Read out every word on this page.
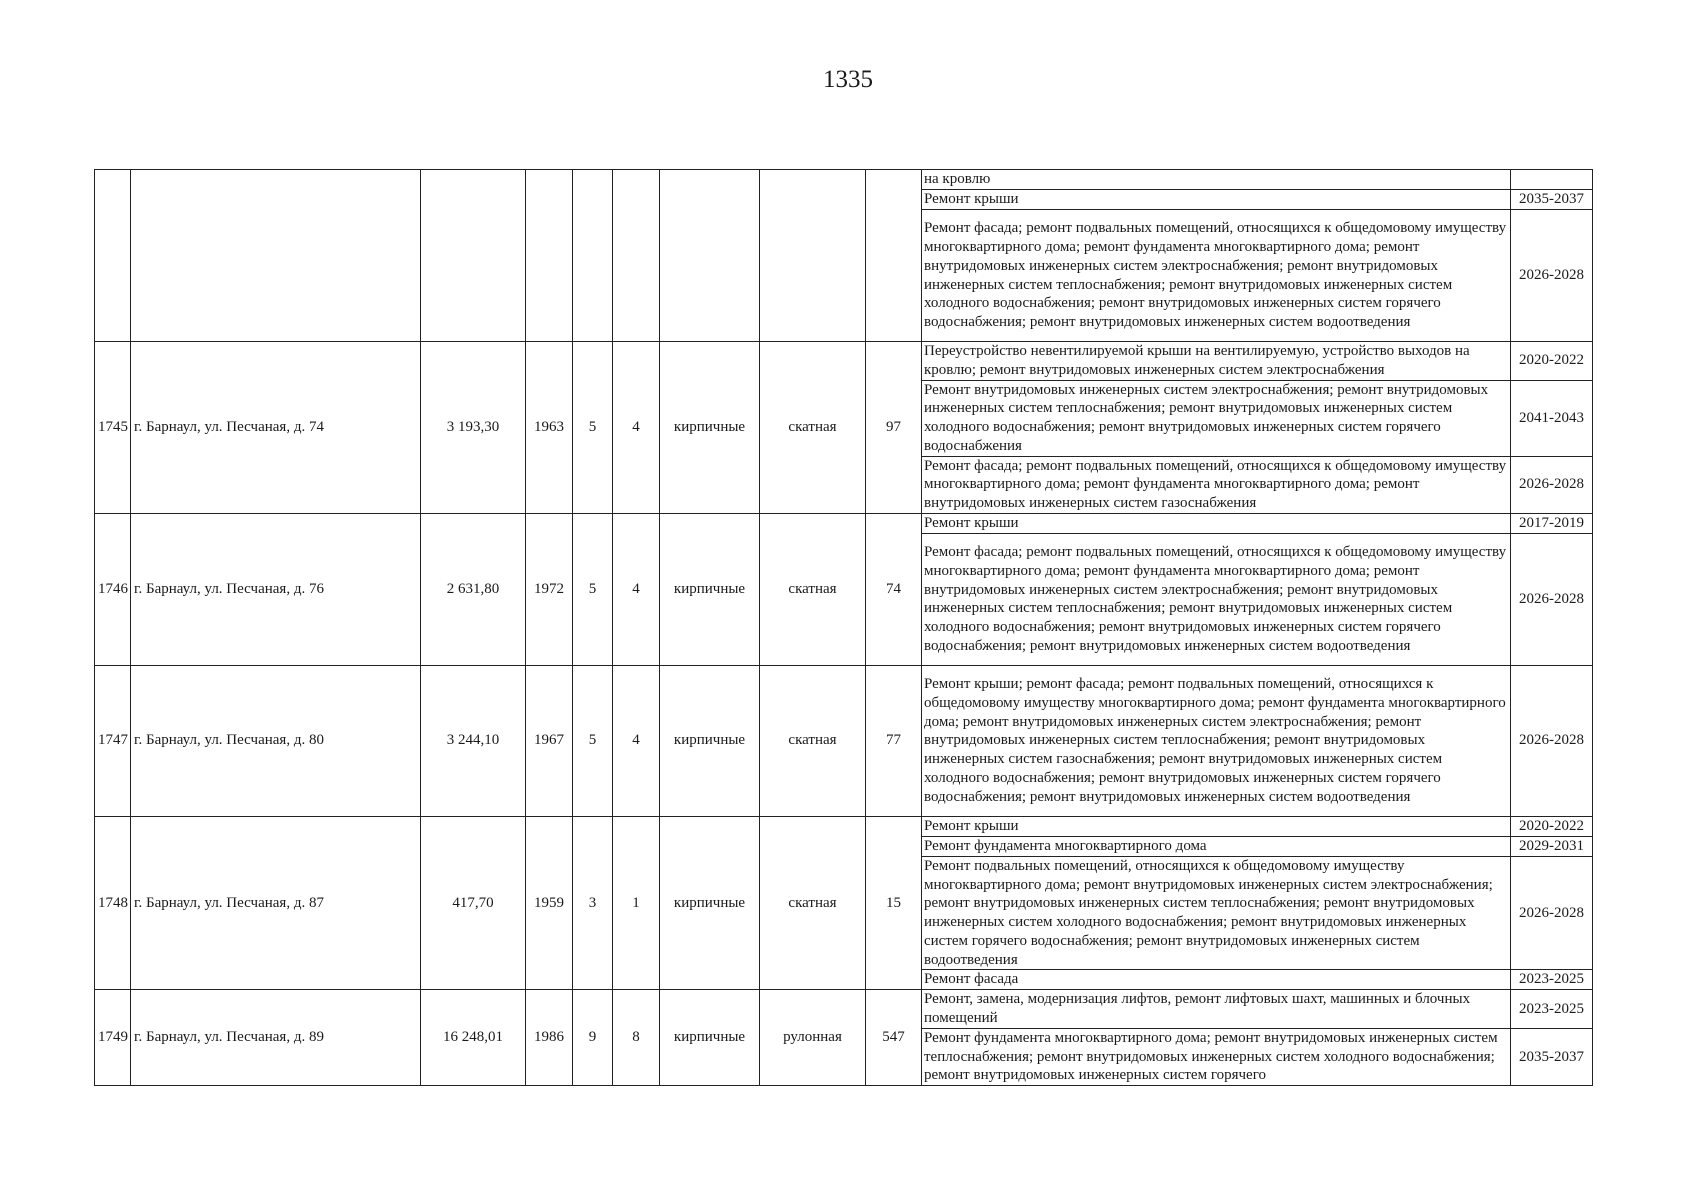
1335
									на кровлю	
									Ремонт крыши	2035-2037
									Ремонт фасада; ремонт подвальных помещений, относящихся к общедомовому имуществу многоквартирного дома; ремонт фундамента многоквартирного дома; ремонт внутридомовых инженерных систем электроснабжения; ремонт внутридомовых инженерных систем теплоснабжения; ремонт внутридомовых инженерных систем холодного водоснабжения; ремонт внутридомовых инженерных систем горячего водоснабжения; ремонт внутридомовых инженерных систем водоотведения	2026-2028
1745	г. Барнаул, ул. Песчаная, д. 74	3 193,30	1963	5	4	кирпичные	скатная	97	Переустройство невентилируемой крыши на вентилируемую, устройство выходов на кровлю; ремонт внутридомовых инженерных систем электроснабжения	2020-2022
									Ремонт внутридомовых инженерных систем электроснабжения; ремонт внутридомовых инженерных систем теплоснабжения; ремонт внутридомовых инженерных систем холодного водоснабжения; ремонт внутридомовых инженерных систем горячего водоснабжения	2041-2043
									Ремонт фасада; ремонт подвальных помещений, относящихся к общедомовому имуществу многоквартирного дома; ремонт фундамента многоквартирного дома; ремонт внутридомовых инженерных систем газоснабжения	2026-2028
1746	г. Барнаул, ул. Песчаная, д. 76	2 631,80	1972	5	4	кирпичные	скатная	74	Ремонт крыши	2017-2019
									Ремонт фасада; ремонт подвальных помещений, относящихся к общедомовому имуществу многоквартирного дома; ремонт фундамента многоквартирного дома; ремонт внутридомовых инженерных систем электроснабжения; ремонт внутридомовых инженерных систем теплоснабжения; ремонт внутридомовых инженерных систем холодного водоснабжения; ремонт внутридомовых инженерных систем горячего водоснабжения; ремонт внутридомовых инженерных систем водоотведения	2026-2028
1747	г. Барнаул, ул. Песчаная, д. 80	3 244,10	1967	5	4	кирпичные	скатная	77	Ремонт крыши; ремонт фасада; ремонт подвальных помещений, относящихся к общедомовому имуществу многоквартирного дома; ремонт фундамента многоквартирного дома; ремонт внутридомовых инженерных систем электроснабжения; ремонт внутридомовых инженерных систем теплоснабжения; ремонт внутридомовых инженерных систем газоснабжения; ремонт внутридомовых инженерных систем холодного водоснабжения; ремонт внутридомовых инженерных систем горячего водоснабжения; ремонт внутридомовых инженерных систем водоотведения	2026-2028
1748	г. Барнаул, ул. Песчаная, д. 87	417,70	1959	3	1	кирпичные	скатная	15	Ремонт крыши	2020-2022
									Ремонт фундамента многоквартирного дома	2029-2031
									Ремонт подвальных помещений, относящихся к общедомовому имуществу многоквартирного дома; ремонт внутридомовых инженерных систем электроснабжения; ремонт внутридомовых инженерных систем теплоснабжения; ремонт внутридомовых инженерных систем холодного водоснабжения; ремонт внутридомовых инженерных систем горячего водоснабжения; ремонт внутридомовых инженерных систем водоотведения	2026-2028
									Ремонт фасада	2023-2025
1749	г. Барнаул, ул. Песчаная, д. 89	16 248,01	1986	9	8	кирпичные	рулонная	547	Ремонт, замена, модернизация лифтов, ремонт лифтовых шахт, машинных и блочных помещений	2023-2025
									Ремонт фундамента многоквартирного дома; ремонт внутридомовых инженерных систем теплоснабжения; ремонт внутридомовых инженерных систем холодного водоснабжения; ремонт внутридомовых инженерных систем горячего	2035-2037
